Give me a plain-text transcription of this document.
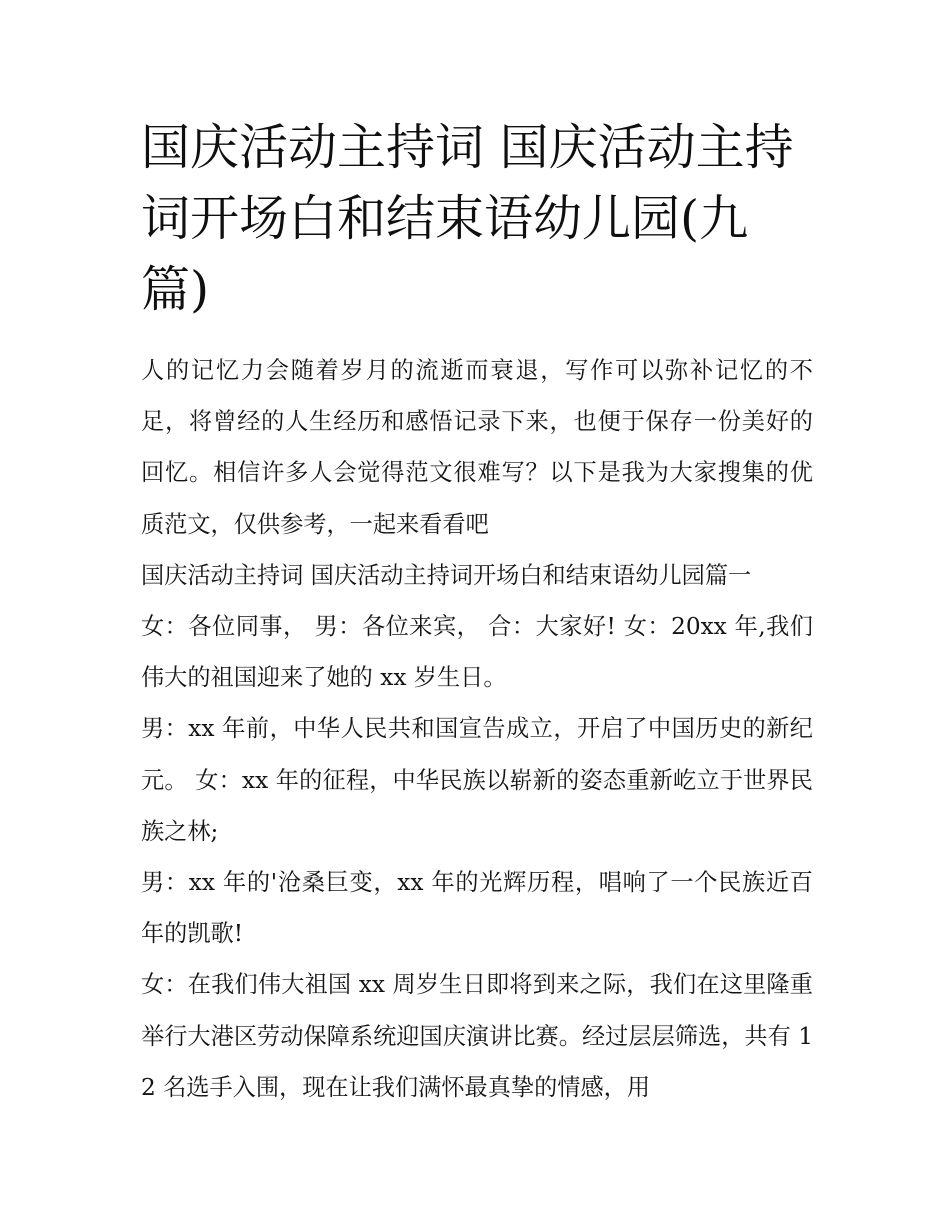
国庆活动主持词 国庆活动主持词开场白和结束语幼儿园(九篇)

人的记忆力会随着岁月的流逝而衰退，写作可以弥补记忆的不足，将曾经的人生经历和感悟记录下来，也便于保存一份美好的回忆。相信许多人会觉得范文很难写？以下是我为大家搜集的优质范文，仅供参考，一起来看看吧

国庆活动主持词 国庆活动主持词开场白和结束语幼儿园篇一

女：各位同事， 男：各位来宾， 合：大家好! 女：20xx 年,我们伟大的祖国迎来了她的 xx 岁生日。

男：xx 年前，中华人民共和国宣告成立，开启了中国历史的新纪元。 女：xx 年的征程，中华民族以崭新的姿态重新屹立于世界民族之林;

男：xx 年的'沧桑巨变，xx 年的光辉历程，唱响了一个民族近百年的凯歌!

女：在我们伟大祖国 xx 周岁生日即将到来之际，我们在这里隆重举行大港区劳动保障系统迎国庆演讲比赛。经过层层筛选，共有 12 名选手入围，现在让我们满怀最真挚的情感，用
